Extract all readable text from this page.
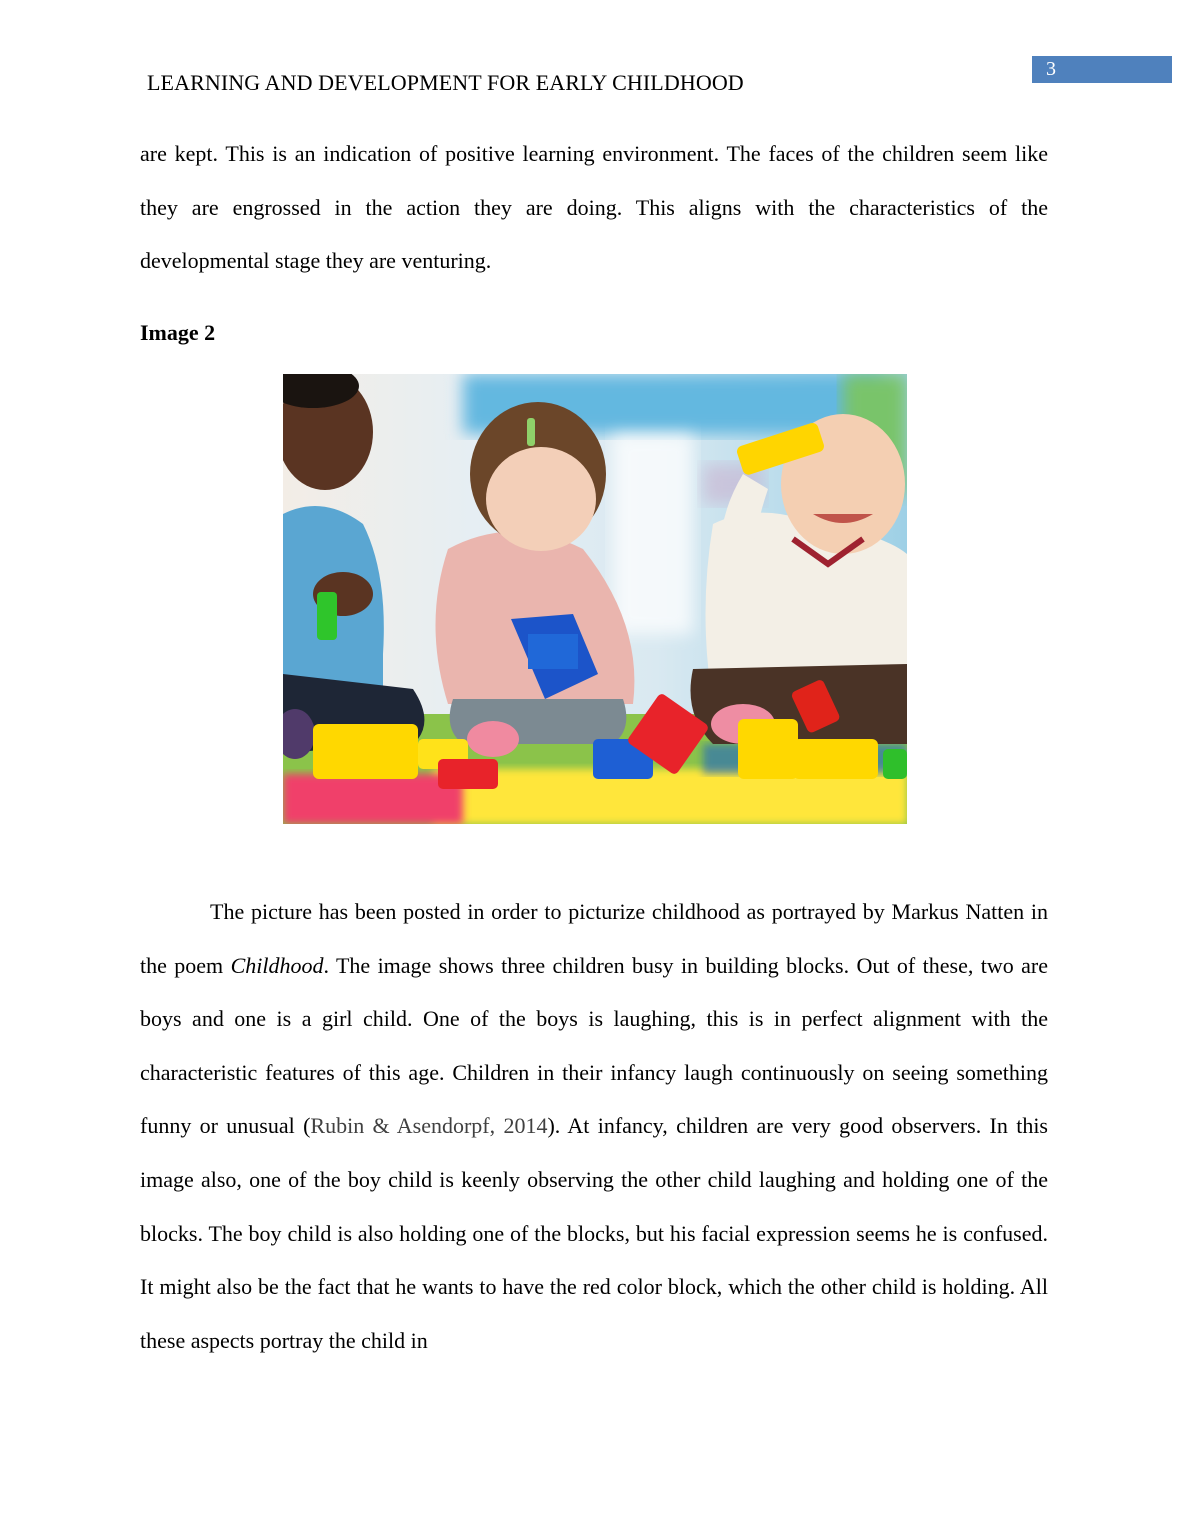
3
LEARNING AND DEVELOPMENT FOR EARLY CHILDHOOD

are kept. This is an indication of positive learning environment. The faces of the children seem like they are engrossed in the action they are doing. This aligns with the characteristics of the developmental stage they are venturing.

Image 2

The picture has been posted in order to picturize childhood as portrayed by Markus Natten in the poem Childhood. The image shows three children busy in building blocks. Out of these, two are boys and one is a girl child. One of the boys is laughing, this is in perfect alignment with the characteristic features of this age. Children in their infancy laugh continuously on seeing something funny or unusual (Rubin & Asendorpf, 2014). At infancy, children are very good observers. In this image also, one of the boy child is keenly observing the other child laughing and holding one of the blocks. The boy child is also holding one of the blocks, but his facial expression seems he is confused. It might also be the fact that he wants to have the red color block, which the other child is holding. All these aspects portray the child in
